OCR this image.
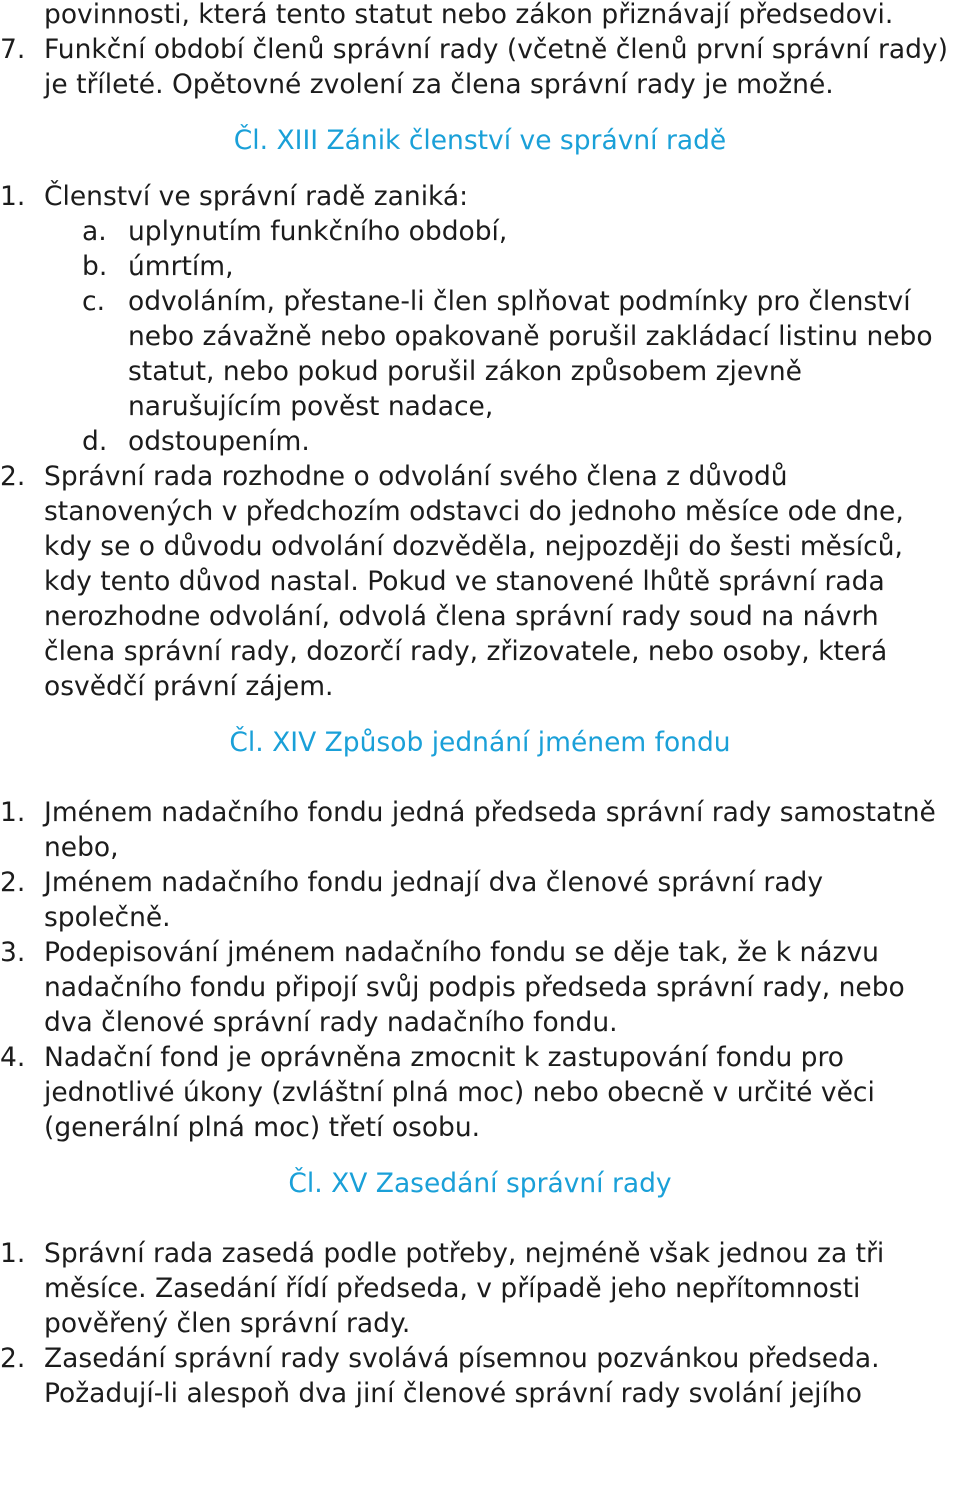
povinnosti, která tento statut nebo zákon přiznávají předsedovi.
7. Funkční období členů správní rady (včetně členů první správní rady) je tříleté. Opětovné zvolení za člena správní rady je možné.
Čl. XIII Zánik členství ve správní radě
1. Členství ve správní radě zaniká:
a. uplynutím funkčního období,
b. úmrtím,
c. odvoláním, přestane-li člen splňovat podmínky pro členství nebo závažně nebo opakovaně porušil zakládací listinu nebo statut, nebo pokud porušil zákon způsobem zjevně narušujícím pověst nadace,
d. odstoupením.
2. Správní rada rozhodne o odvolání svého člena z důvodů stanovených v předchozím odstavci do jednoho měsíce ode dne, kdy se o důvodu odvolání dozvěděla, nejpozději do šesti měsíců, kdy tento důvod nastal. Pokud ve stanovené lhůtě správní rada nerozhodne odvolání, odvolá člena správní rady soud na návrh člena správní rady, dozorčí rady, zřizovatele, nebo osoby, která osvědčí právní zájem.
Čl. XIV Způsob jednání jménem fondu
1. Jménem nadačního fondu jedná předseda správní rady samostatně nebo,
2. Jménem nadačního fondu jednají dva členové správní rady společně.
3. Podepisování jménem nadačního fondu se děje tak, že k názvu nadačního fondu připojí svůj podpis předseda správní rady, nebo dva členové správní rady nadačního fondu.
4. Nadační fond je oprávněna zmocnit k zastupování fondu pro jednotlivé úkony (zvláštní plná moc) nebo obecně v určité věci (generální plná moc) třetí osobu.
Čl. XV Zasedání správní rady
1. Správní rada zasedá podle potřeby, nejméně však jednou za tři měsíce. Zasedání řídí předseda, v případě jeho nepřítomnosti pověřený člen správní rady.
2. Zasedání správní rady svolává písemnou pozvánkou předseda. Požadují-li alespoň dva jiní členové správní rady svolání jejího
